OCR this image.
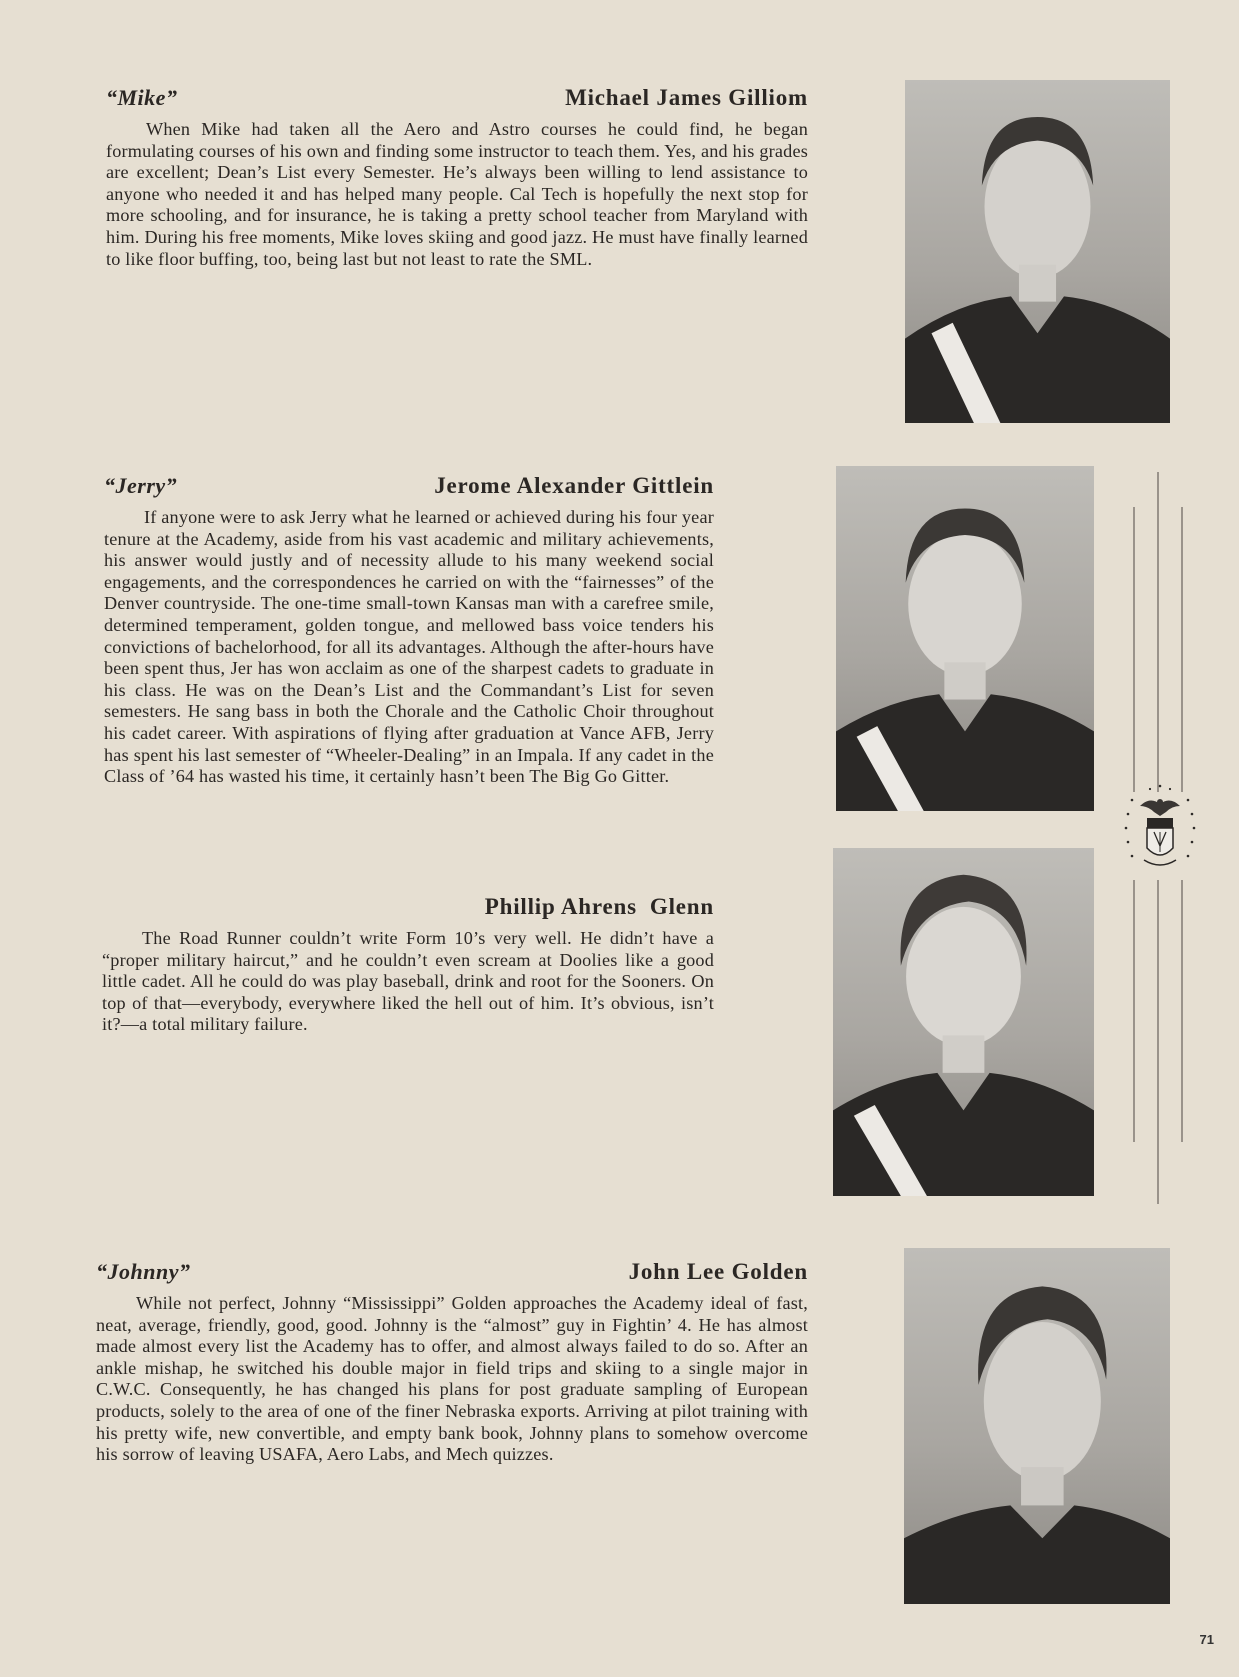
“Mike”	Michael James Gilliom

When Mike had taken all the Aero and Astro courses he could find, he began formulating courses of his own and finding some instructor to teach them. Yes, and his grades are excellent; Dean’s List every Semester. He’s always been willing to lend assistance to anyone who needed it and has helped many people. Cal Tech is hopefully the next stop for more schooling, and for insurance, he is taking a pretty school teacher from Maryland with him. During his free moments, Mike loves skiing and good jazz. He must have finally learned to like floor buffing, too, being last but not least to rate the SML.

“Jerry”	Jerome Alexander Gittlein

If anyone were to ask Jerry what he learned or achieved during his four year tenure at the Academy, aside from his vast academic and military achievements, his answer would justly and of necessity allude to his many weekend social engagements, and the correspondences he carried on with the “fairnesses” of the Denver countryside. The one-time small-town Kansas man with a carefree smile, determined temperament, golden tongue, and mellowed bass voice tenders his convictions of bachelorhood, for all its advantages. Although the after-hours have been spent thus, Jer has won acclaim as one of the sharpest cadets to graduate in his class. He was on the Dean’s List and the Commandant’s List for seven semesters. He sang bass in both the Chorale and the Catholic Choir throughout his cadet career. With aspirations of flying after graduation at Vance AFB, Jerry has spent his last semester of “Wheeler-Dealing” in an Impala. If any cadet in the Class of ’64 has wasted his time, it certainly hasn’t been The Big Go Gitter.

Phillip Ahrens  Glenn

The Road Runner couldn’t write Form 10’s very well. He didn’t have a “proper military haircut,” and he couldn’t even scream at Doolies like a good little cadet. All he could do was play baseball, drink and root for the Sooners. On top of that—everybody, everywhere liked the hell out of him. It’s obvious, isn’t it?—a total military failure.

“Johnny”	John Lee Golden

While not perfect, Johnny “Mississippi” Golden approaches the Academy ideal of fast, neat, average, friendly, good, good. Johnny is the “almost” guy in Fightin’ 4. He has almost made almost every list the Academy has to offer, and almost always failed to do so. After an ankle mishap, he switched his double major in field trips and skiing to a single major in C.W.C. Consequently, he has changed his plans for post graduate sampling of European products, solely to the area of one of the finer Nebraska exports. Arriving at pilot training with his pretty wife, new convertible, and empty bank book, Johnny plans to somehow overcome his sorrow of leaving USAFA, Aero Labs, and Mech quizzes.

71
